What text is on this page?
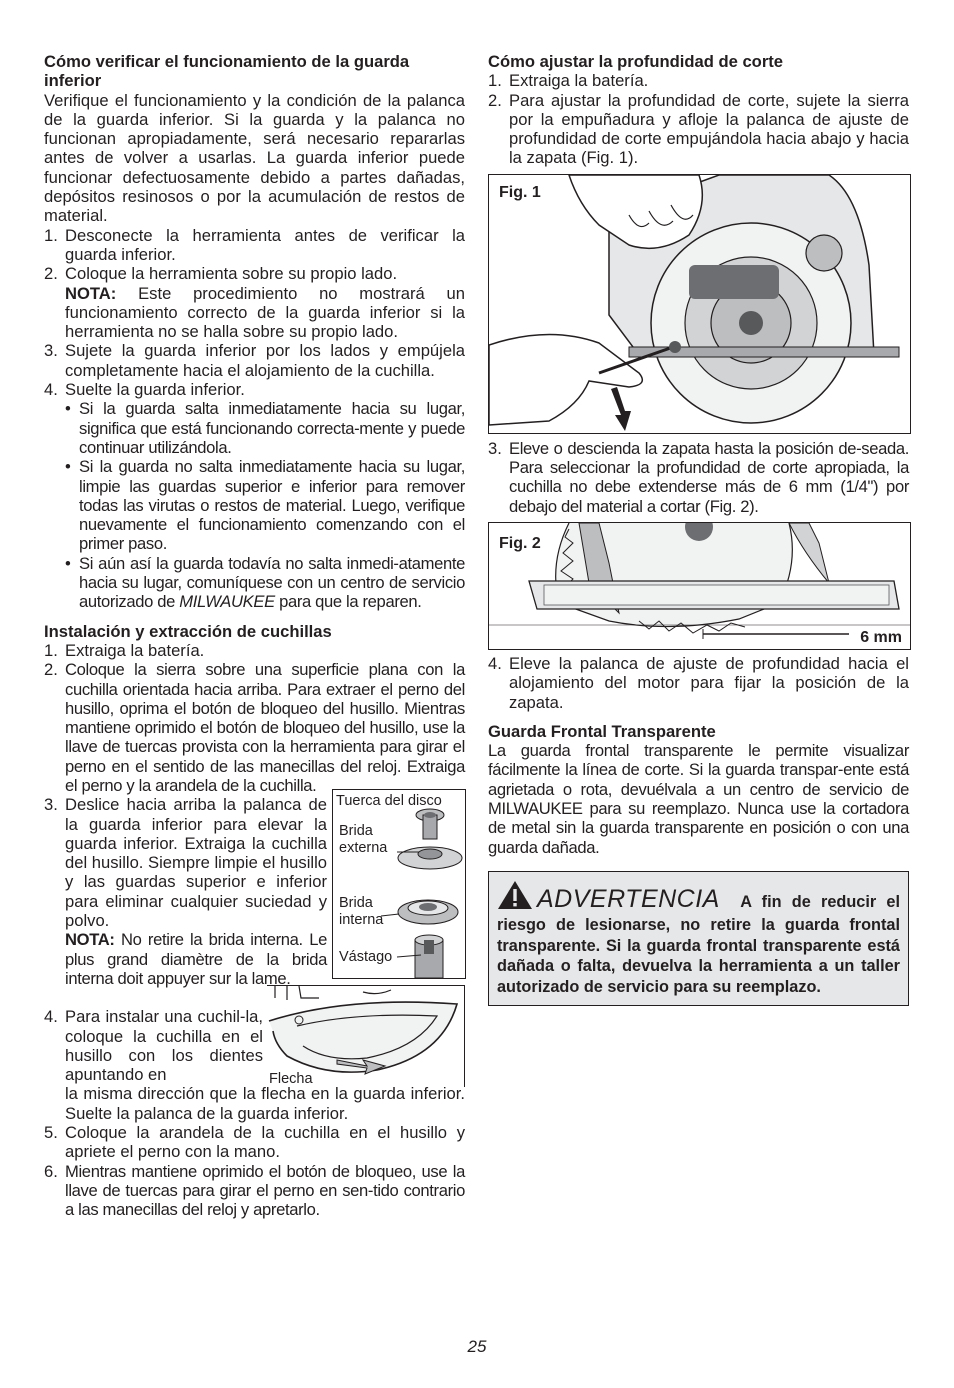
Cómo verificar el funcionamiento de la guarda inferior

Verifique el funcionamiento y la condición de la palanca de la guarda inferior. Si la guarda y la palanca no funcionan apropiadamente, será necesario repararlas antes de volver a usarlas. La guarda inferior puede funcionar defectuosamente debido a partes dañadas, depósitos resinosos o por la acumulación de restos de material.

1. Desconecte la herramienta antes de verificar la guarda inferior.
2. Coloque la herramienta sobre su propio lado.
NOTA: Este procedimiento no mostrará un funcionamiento correcto de la guarda inferior si la herramienta no se halla sobre su propio lado.
3. Sujete la guarda inferior por los lados y empújela completamente hacia el alojamiento de la cuchilla.
4. Suelte la guarda inferior.
• Si la guarda salta inmediatamente hacia su lugar, significa que está funcionando correcta-mente y puede continuar utilizándola.
• Si la guarda no salta inmediatamente hacia su lugar, limpie las guardas superior e inferior para remover todas las virutas o restos de material. Luego, verifique nuevamente el funcionamiento comenzando con el primer paso.
• Si aún así la guarda todavía no salta inmedi-atamente hacia su lugar, comuníquese con un centro de servicio autorizado de MILWAUKEE para que la reparen.
Instalación y extracción de cuchillas
1. Extraiga la batería.
2. Coloque la sierra sobre una superficie plana con la cuchilla orientada hacia arriba. Para extraer el perno del husillo, oprima el botón de bloqueo del husillo. Mientras mantiene oprimido el botón de bloqueo del husillo, use la llave de tuercas provista con la herramienta para girar el perno en el sentido de las manecillas del reloj. Extraiga el perno y la arandela de la cuchilla.
3. Deslice hacia arriba la palanca de la guarda inferior para elevar la guarda inferior. Extraiga la cuchilla del husillo. Siempre limpie el husillo y las guardas superior e inferior para eliminar cualquier suciedad y polvo.
NOTA: No retire la brida interna. Le plus grand diamètre de la brida interna doit appuyer sur la lame.
Tuerca del disco
Brida
externa
Brida
interna
Vástago
4. Para instalar una cuchil-la, coloque la cuchilla en el husillo con los dientes apuntando en
la misma dirección que la flecha en la guarda inferior. Suelte la palanca de la guarda inferior.
Flecha
5. Coloque la arandela de la cuchilla en el husillo y apriete el perno con la mano.
6. Mientras mantiene oprimido el botón de bloqueo, use la llave de tuercas para girar el perno en sen-tido contrario a las manecillas del reloj y apretarlo.
Cómo ajustar la profundidad de corte
1. Extraiga la batería.
2. Para ajustar la profundidad de corte, sujete la sierra por la empuñadura y afloje la palanca de ajuste de profundidad de corte empujándola hacia abajo y hacia la zapata (Fig. 1).
Fig. 1
3. Eleve o descienda la zapata hasta la posición de-seada. Para seleccionar la profundidad de corte apropiada, la cuchilla no debe extenderse más de 6 mm (1/4") por debajo del material a cortar (Fig. 2).
Fig. 2
6 mm
4. Eleve la palanca de ajuste de profundidad hacia el alojamiento del motor para fijar la posición de la zapata.
Guarda Frontal Transparente

La guarda frontal transparente le permite visualizar fácilmente la línea de corte. Si la guarda transpar-ente está agrietada o rota, devuélvala a un centro de servicio de MILWAUKEE para su reemplazo. Nunca use la cortadora de metal sin la guarda transparente en posición o con una guarda dañada.

ADVERTENCIA A fin de reducir el riesgo de lesionarse, no retire la guarda frontal transparente. Si la guarda frontal transparente está dañada o falta, devuelva la herramienta a un taller autorizado de servicio para su reemplazo.
25
